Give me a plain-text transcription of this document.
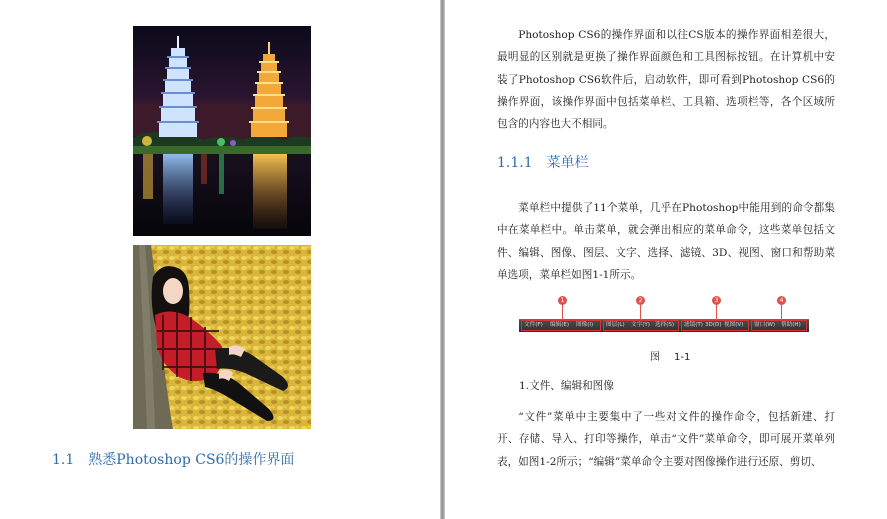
1.1 熟悉Photoshop CS6的操作界面

Photoshop CS6的操作界面和以往CS版本的操作界面相差很大，最明显的区别就是更换了操作界面颜色和工具图标按钮。在计算机中安装了Photoshop CS6软件后，启动软件，即可看到Photoshop CS6的操作界面，该操作界面中包括菜单栏、工具箱、选项栏等，各个区域所包含的内容也大不相同。

1.1.1 菜单栏

菜单栏中提供了11个菜单，几乎在Photoshop中能用到的命令都集中在菜单栏中。单击菜单，就会弹出相应的菜单命令，这些菜单包括文件、编辑、图像、图层、文字、选择、滤镜、3D、视图、窗口和帮助菜单选项，菜单栏如图1-1所示。

文件(F) 编辑(E) 图像(I) 图层(L) 文字(Y) 选择(S) 滤镜(T) 3D(D) 视图(V) 窗口(W) 帮助(H)
1	2	3	4
图 1-1
1.文件、编辑和图像

“文件”菜单中主要集中了一些对文件的操作命令，包括新建、打开、存储、导入、打印等操作，单击“文件”菜单命令，即可展开菜单列表，如图1-2所示；“编辑”菜单命令主要对图像操作进行还原、剪切、
